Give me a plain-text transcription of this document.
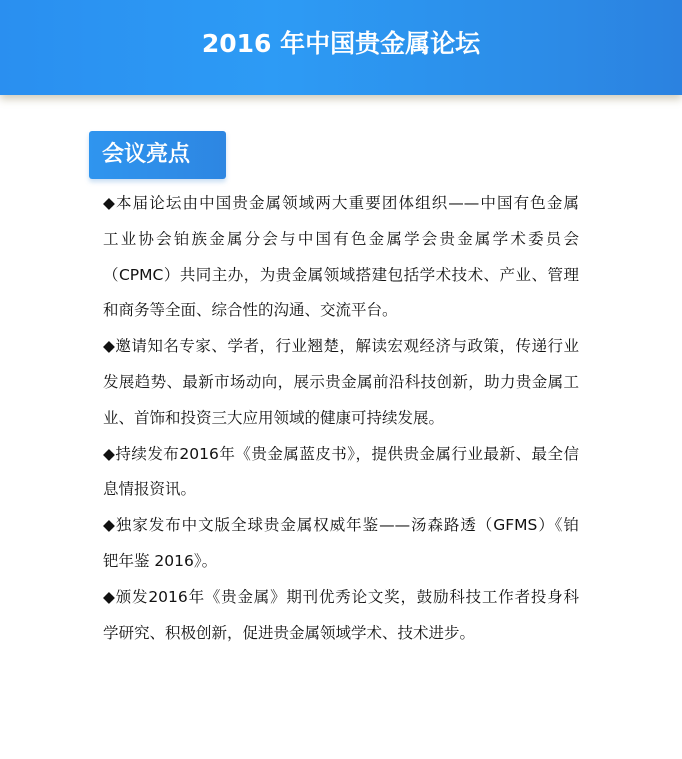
2016 年中国贵金属论坛
会议亮点
◆本届论坛由中国贵金属领域两大重要团体组织——中国有色金属
工业协会铂族金属分会与中国有色金属学会贵金属学术委员会
（CPMC）共同主办，为贵金属领域搭建包括学术技术、产业、管理
和商务等全面、综合性的沟通、交流平台。
◆邀请知名专家、学者，行业翘楚，解读宏观经济与政策，传递行业
发展趋势、最新市场动向，展示贵金属前沿科技创新，助力贵金属工
业、首饰和投资三大应用领域的健康可持续发展。
◆持续发布2016年《贵金属蓝皮书》，提供贵金属行业最新、最全信
息情报资讯。
◆独家发布中文版全球贵金属权威年鉴——汤森路透（GFMS）《铂
钯年鉴 2016》。
◆颁发2016年《贵金属》期刊优秀论文奖，鼓励科技工作者投身科
学研究、积极创新，促进贵金属领域学术、技术进步。
